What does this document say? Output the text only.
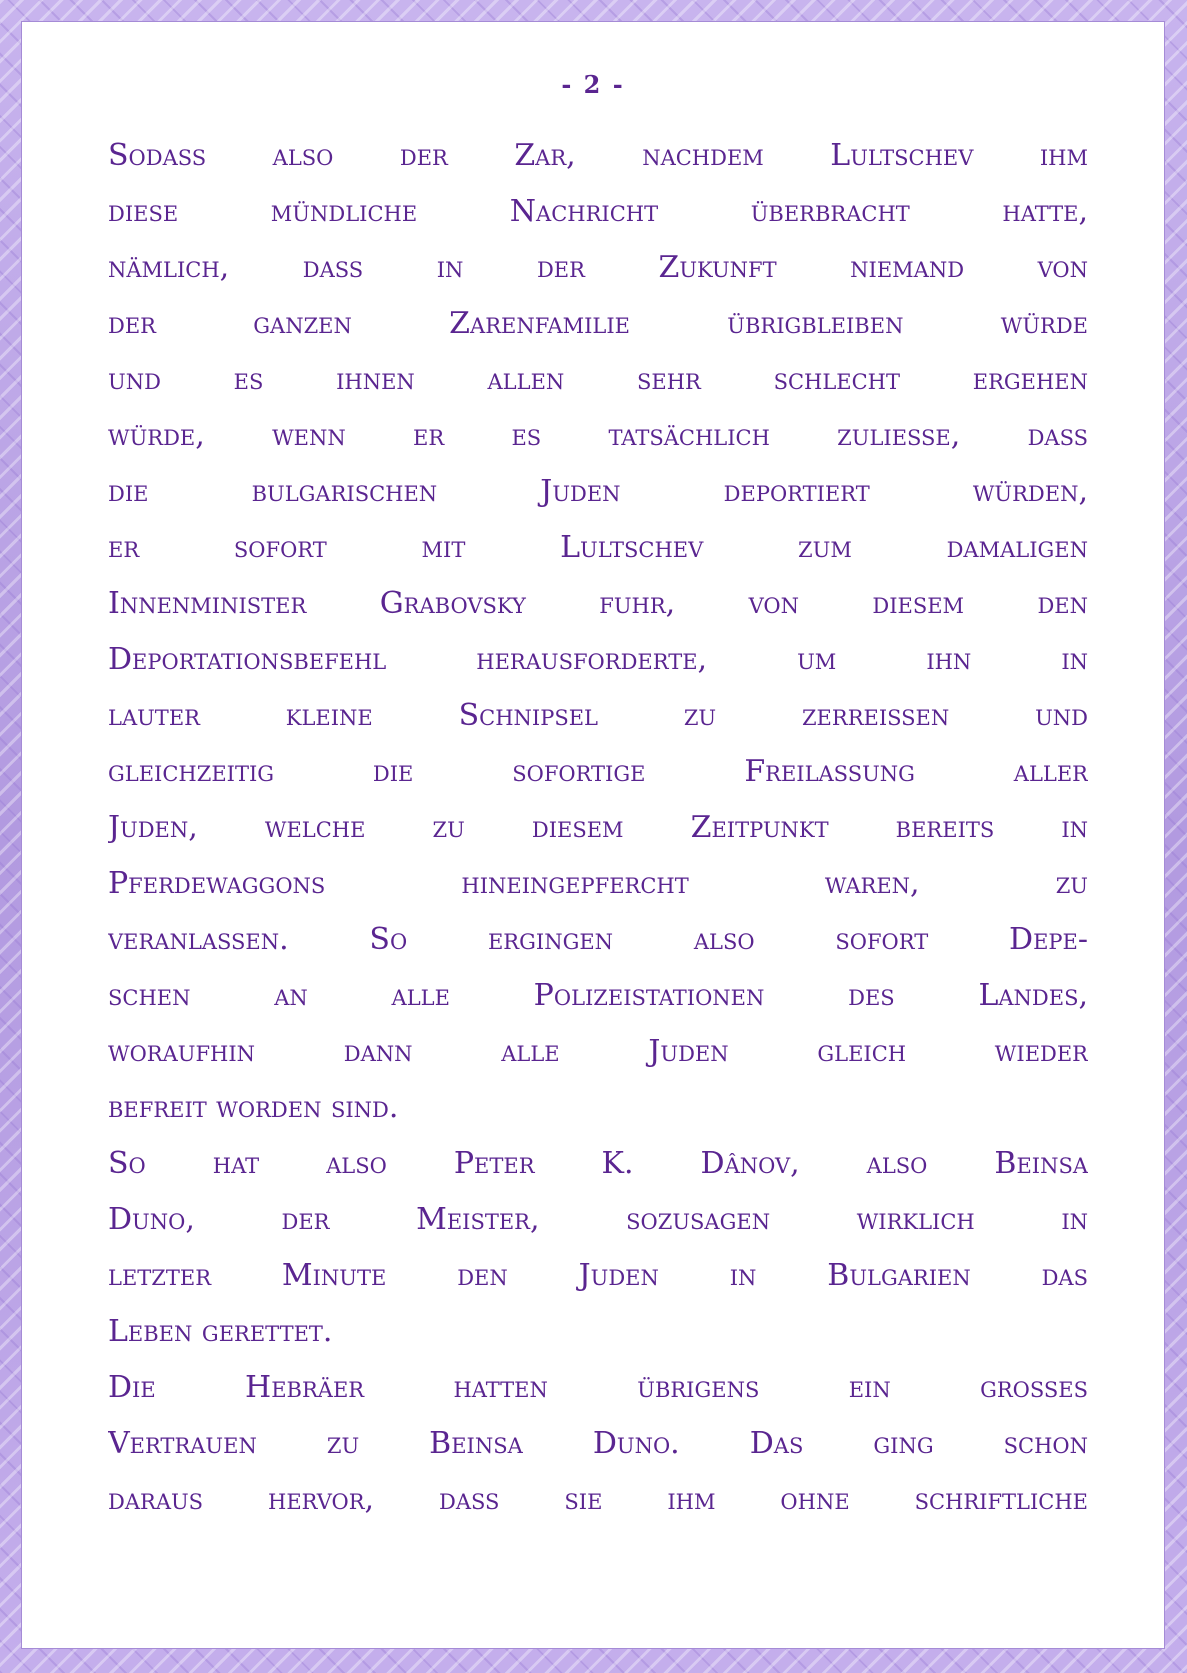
- 2 -
Sodass also der Zar, nachdem Lultschev ihm
diese mündliche Nachricht überbracht hatte,
nämlich, dass in der Zukunft niemand von
der ganzen Zarenfamilie übrigbleiben würde
und es ihnen allen sehr schlecht ergehen
würde, wenn er es tatsächlich zuliesse, dass
die bulgarischen Juden deportiert würden,
er sofort mit Lultschev zum damaligen
Innenminister Grabovsky fuhr, von diesem den
Deportationsbefehl herausforderte, um ihn in
lauter kleine Schnipsel zu zerreissen und
gleichzeitig die sofortige Freilassung aller
Juden, welche zu diesem Zeitpunkt bereits in
Pferdewaggons hineingepfercht waren, zu
veranlassen. So ergingen also sofort Depe-
schen an alle Polizeistationen des Landes,
woraufhin dann alle Juden gleich wieder
befreit worden sind.
So hat also Peter K. Dânov, also Beinsa
Duno, der Meister, sozusagen wirklich in
letzter Minute den Juden in Bulgarien das
Leben gerettet.
Die Hebräer hatten übrigens ein grosses
Vertrauen zu Beinsa Duno. Das ging schon
daraus hervor, dass sie ihm ohne schriftliche
